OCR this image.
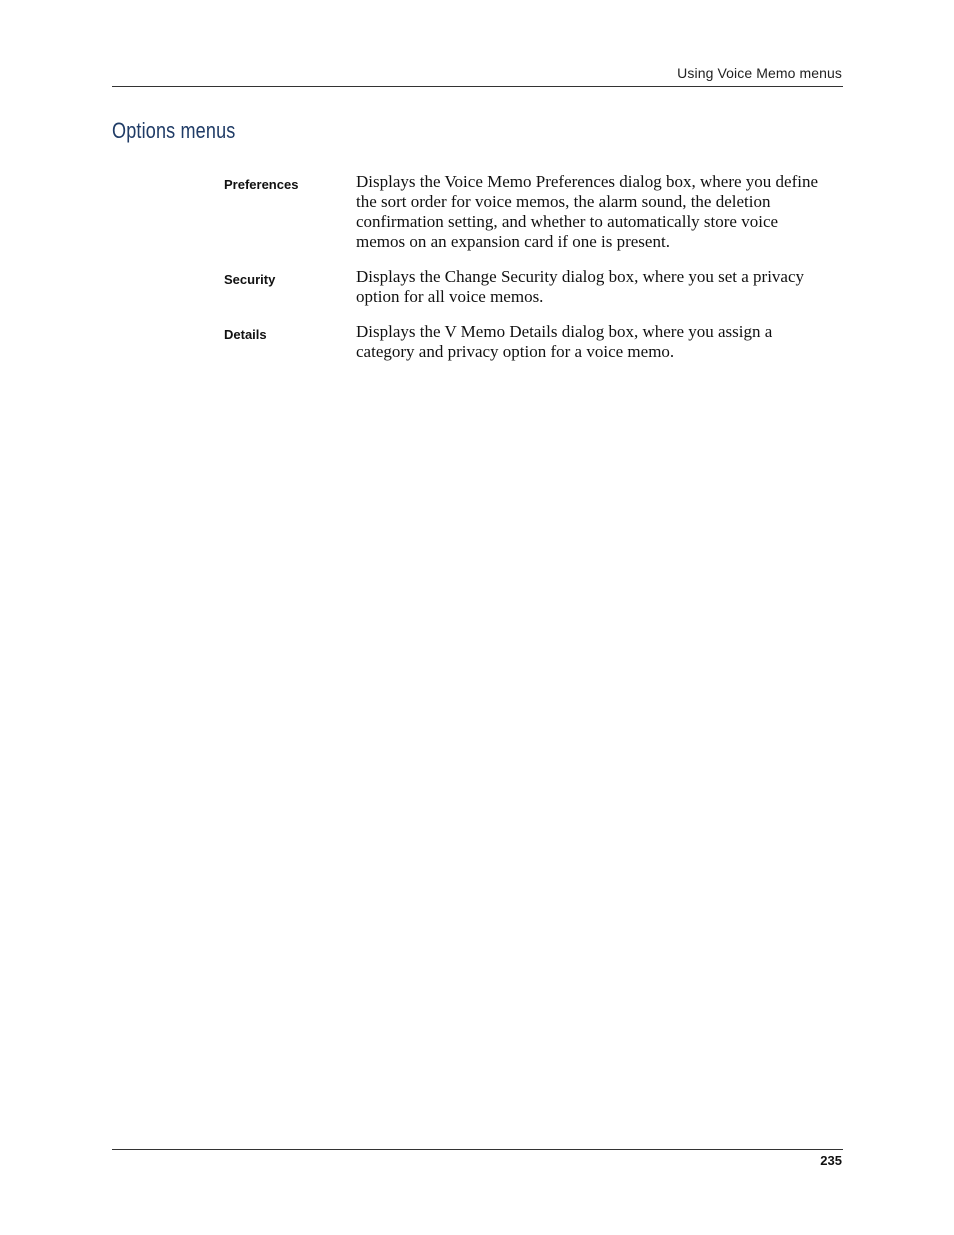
Using Voice Memo menus
Options menus
Preferences	Displays the Voice Memo Preferences dialog box, where you define the sort order for voice memos, the alarm sound, the deletion confirmation setting, and whether to automatically store voice memos on an expansion card if one is present.
Security	Displays the Change Security dialog box, where you set a privacy option for all voice memos.
Details	Displays the V Memo Details dialog box, where you assign a category and privacy option for a voice memo.
235
